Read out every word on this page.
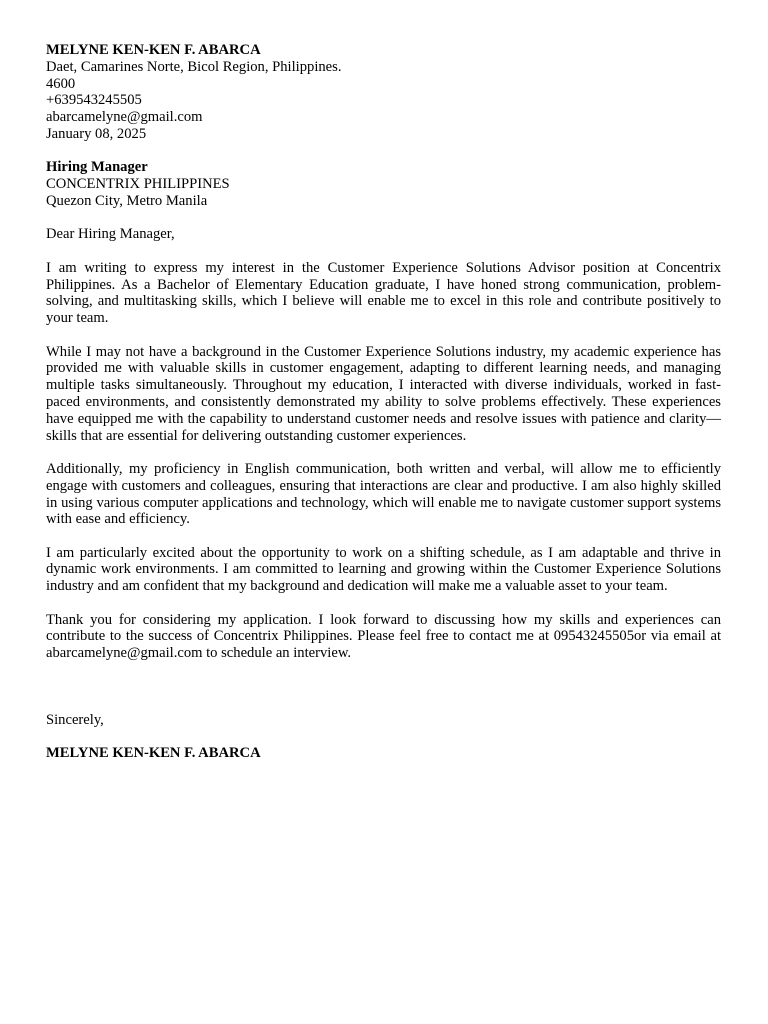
MELYNE KEN-KEN F. ABARCA
Daet, Camarines Norte, Bicol Region, Philippines.
4600
+639543245505
abarcamelyne@gmail.com
January 08, 2025
Hiring Manager
CONCENTRIX PHILIPPINES
Quezon City, Metro Manila
Dear Hiring Manager,

I am writing to express my interest in the Customer Experience Solutions Advisor position at Concentrix Philippines. As a Bachelor of Elementary Education graduate, I have honed strong communication, problem-solving, and multitasking skills, which I believe will enable me to excel in this role and contribute positively to your team.

While I may not have a background in the Customer Experience Solutions industry, my academic experience has provided me with valuable skills in customer engagement, adapting to different learning needs, and managing multiple tasks simultaneously. Throughout my education, I interacted with diverse individuals, worked in fast-paced environments, and consistently demonstrated my ability to solve problems effectively. These experiences have equipped me with the capability to understand customer needs and resolve issues with patience and clarity—skills that are essential for delivering outstanding customer experiences.

Additionally, my proficiency in English communication, both written and verbal, will allow me to efficiently engage with customers and colleagues, ensuring that interactions are clear and productive. I am also highly skilled in using various computer applications and technology, which will enable me to navigate customer support systems with ease and efficiency.

I am particularly excited about the opportunity to work on a shifting schedule, as I am adaptable and thrive in dynamic work environments. I am committed to learning and growing within the Customer Experience Solutions industry and am confident that my background and dedication will make me a valuable asset to your team.

Thank you for considering my application. I look forward to discussing how my skills and experiences can contribute to the success of Concentrix Philippines. Please feel free to contact me at 09543245505or via email at abarcamelyne@gmail.com to schedule an interview.

Sincerely,
MELYNE KEN-KEN F. ABARCA
